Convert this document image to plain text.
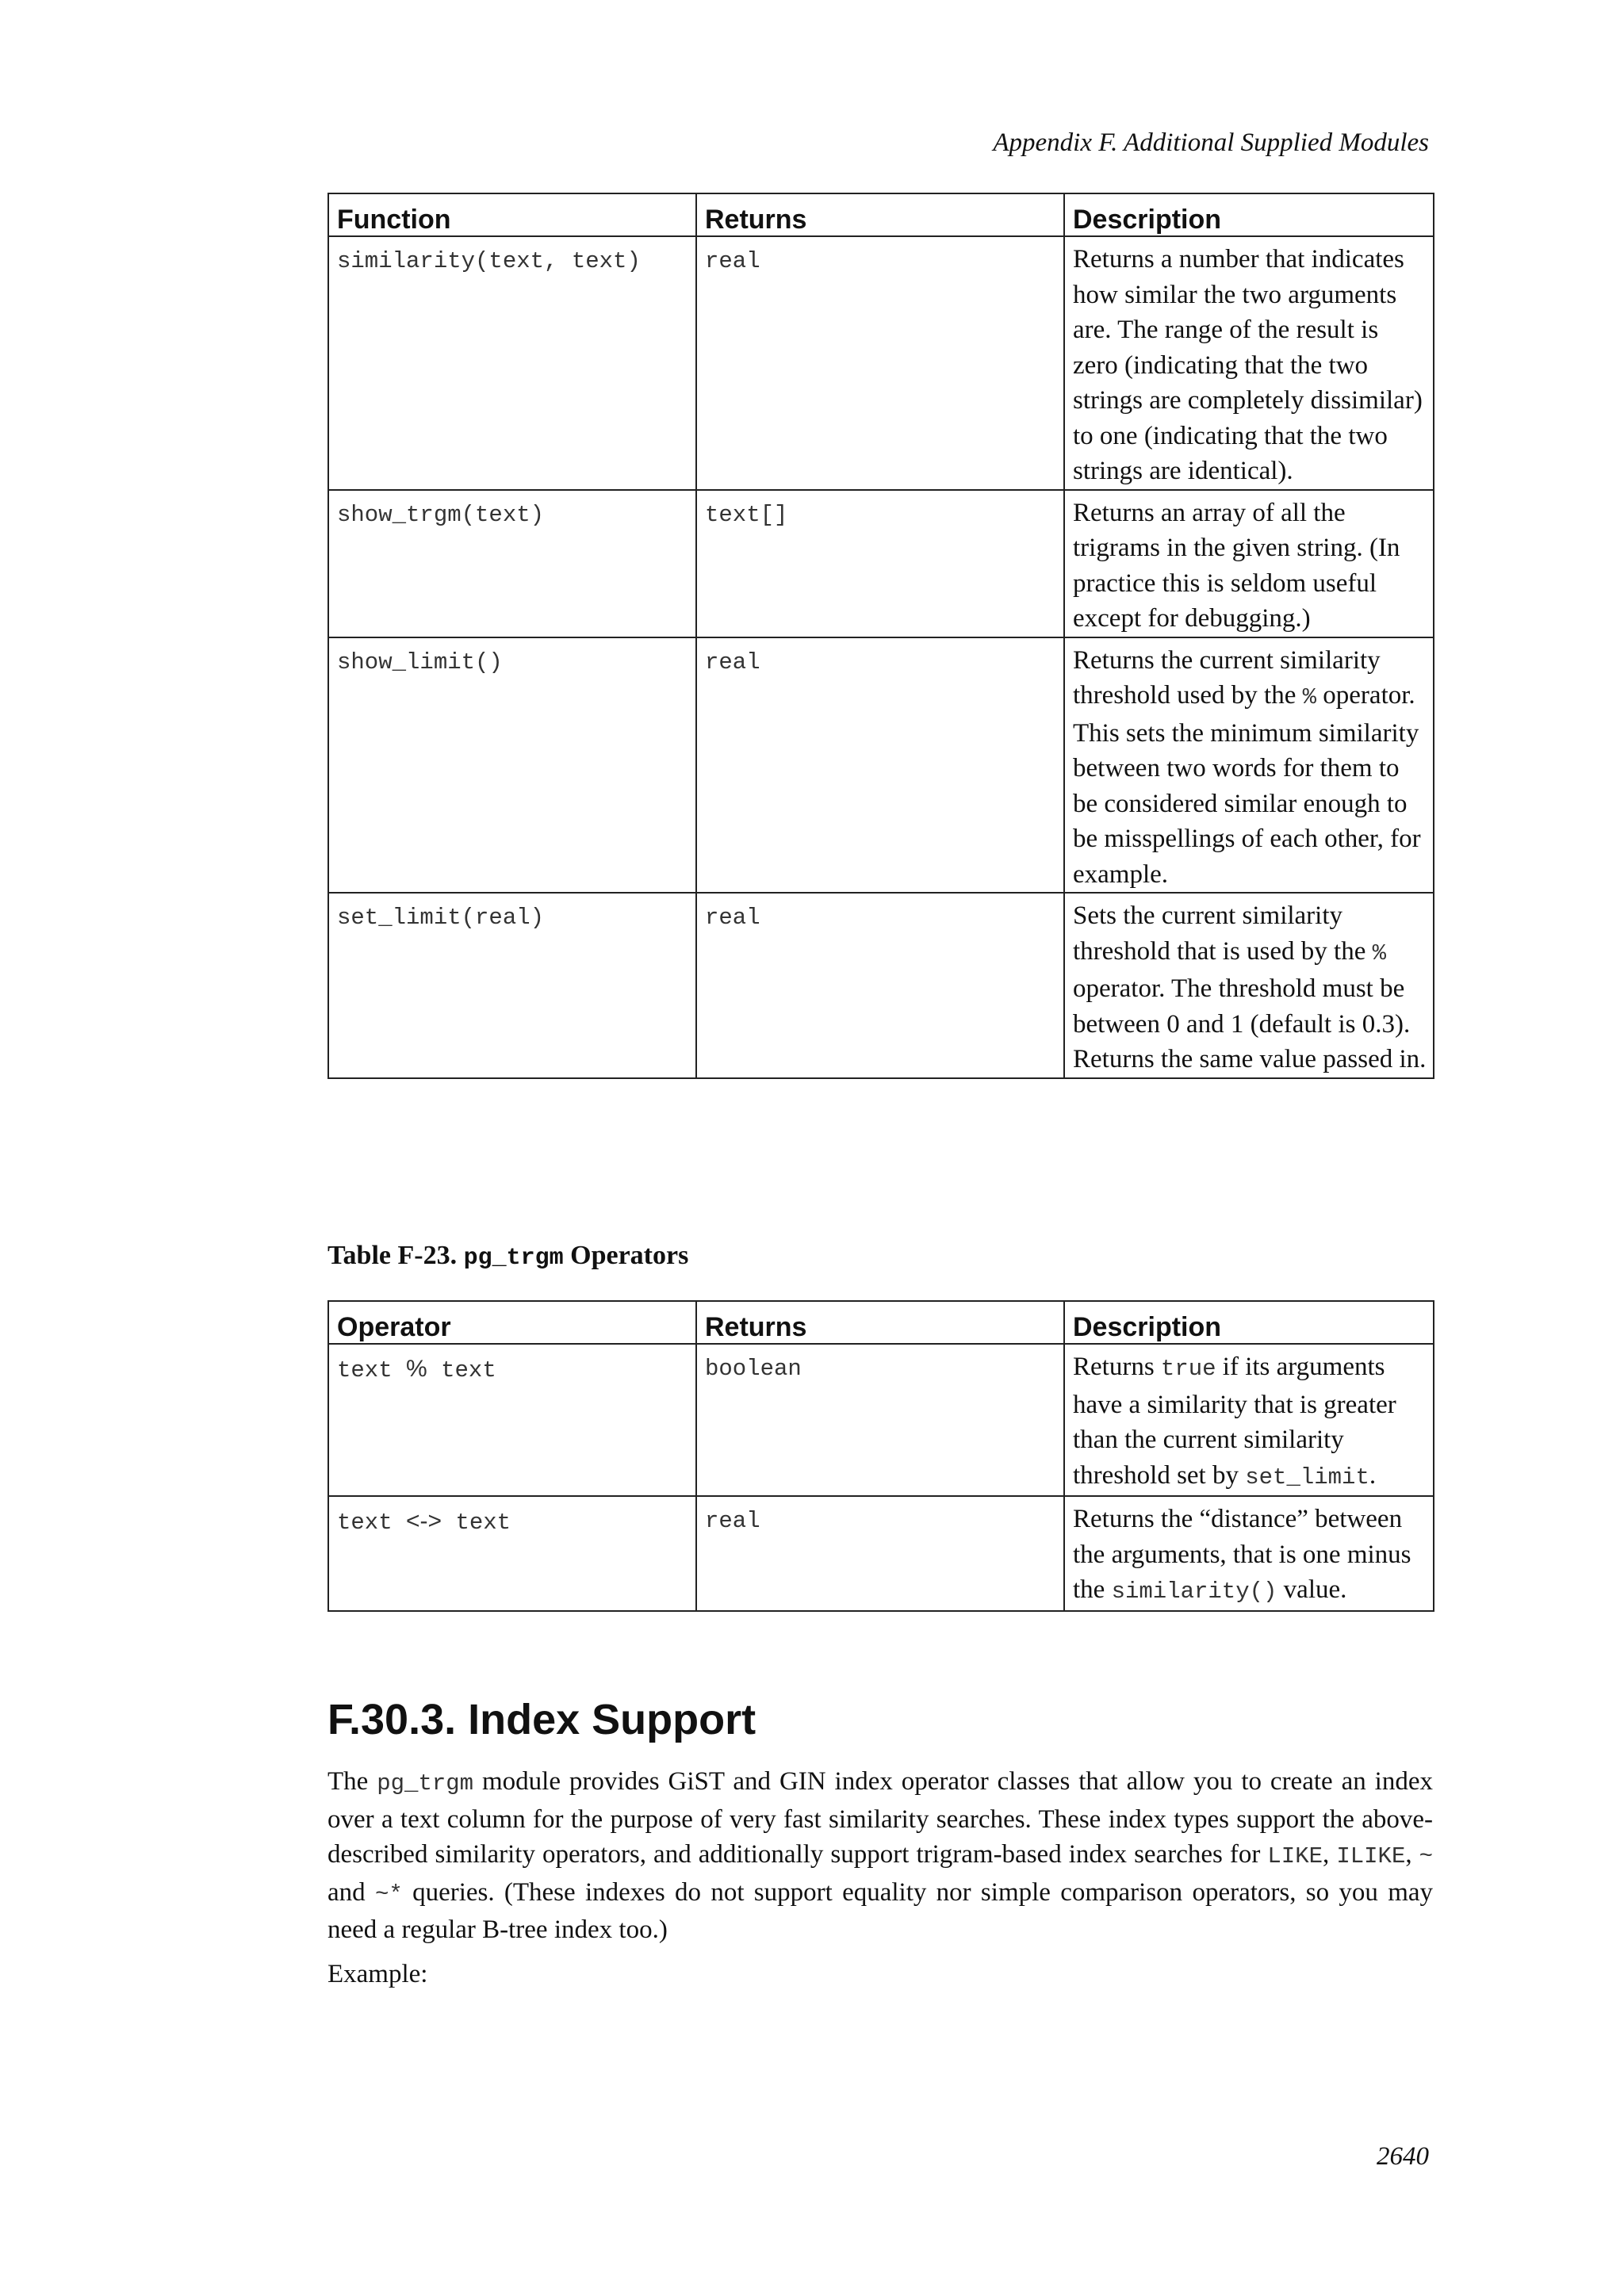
Appendix F. Additional Supplied Modules
Function	Returns	Description
similarity(text, text)	real	Returns a number that indicates how similar the two arguments are. The range of the result is zero (indicating that the two strings are completely dissimilar) to one (indicating that the two strings are identical).
show_trgm(text)	text[]	Returns an array of all the trigrams in the given string. (In practice this is seldom useful except for debugging.)
show_limit()	real	Returns the current similarity threshold used by the % operator. This sets the minimum similarity between two words for them to be considered similar enough to be misspellings of each other, for example.
set_limit(real)	real	Sets the current similarity threshold that is used by the % operator. The threshold must be between 0 and 1 (default is 0.3). Returns the same value passed in.
Table F-23. pg_trgm Operators
Operator	Returns	Description
text % text	boolean	Returns true if its arguments have a similarity that is greater than the current similarity threshold set by set_limit.
text <-> text	real	Returns the “distance” between the arguments, that is one minus the similarity() value.
F.30.3. Index Support
The pg_trgm module provides GiST and GIN index operator classes that allow you to create an index over a text column for the purpose of very fast similarity searches. These index types support the above-described similarity operators, and additionally support trigram-based index searches for LIKE, ILIKE, ~ and ~* queries. (These indexes do not support equality nor simple comparison operators, so you may need a regular B-tree index too.)
Example:
2640
